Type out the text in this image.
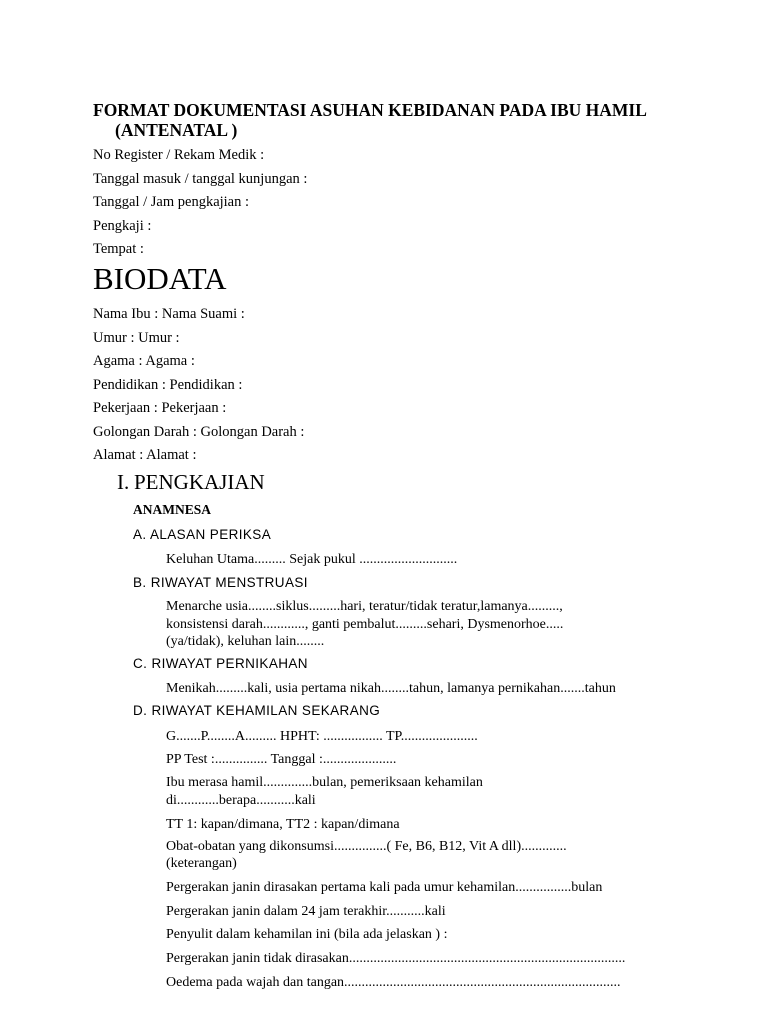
FORMAT DOKUMENTASI ASUHAN KEBIDANAN PADA IBU HAMIL
(ANTENATAL )
No Register / Rekam Medik :
Tanggal masuk / tanggal kunjungan :
Tanggal / Jam pengkajian :
Pengkaji :
Tempat :
BIODATA
Nama Ibu : Nama Suami :
Umur : Umur :
Agama : Agama :
Pendidikan : Pendidikan :
Pekerjaan : Pekerjaan :
Golongan Darah : Golongan Darah :
Alamat : Alamat :
I. PENGKAJIAN
ANAMNESA

A. ALASAN PERIKSA

Keluhan Utama......... Sejak pukul ............................

B. RIWAYAT MENSTRUASI

Menarche usia........siklus.........hari, teratur/tidak teratur,lamanya.........,

konsistensi darah............, ganti pembalut.........sehari, Dysmenorhoe.....

(ya/tidak), keluhan lain........

C. RIWAYAT PERNIKAHAN

Menikah.........kali, usia pertama nikah........tahun, lamanya pernikahan.......tahun

D. RIWAYAT KEHAMILAN SEKARANG

G.......P........A......... HPHT: ................. TP......................

PP Test :............... Tanggal :.....................

Ibu merasa hamil..............bulan, pemeriksaan kehamilan

di............berapa...........kali

TT 1: kapan/dimana, TT2 : kapan/dimana

Obat-obatan yang dikonsumsi...............( Fe, B6, B12, Vit A dll).............

(keterangan)

Pergerakan janin dirasakan pertama kali pada umur kehamilan................bulan

Pergerakan janin dalam 24 jam terakhir...........kali

Penyulit dalam kehamilan ini (bila ada jelaskan ) :

Pergerakan janin tidak dirasakan...............................................................................

Oedema pada wajah dan tangan...............................................................................
